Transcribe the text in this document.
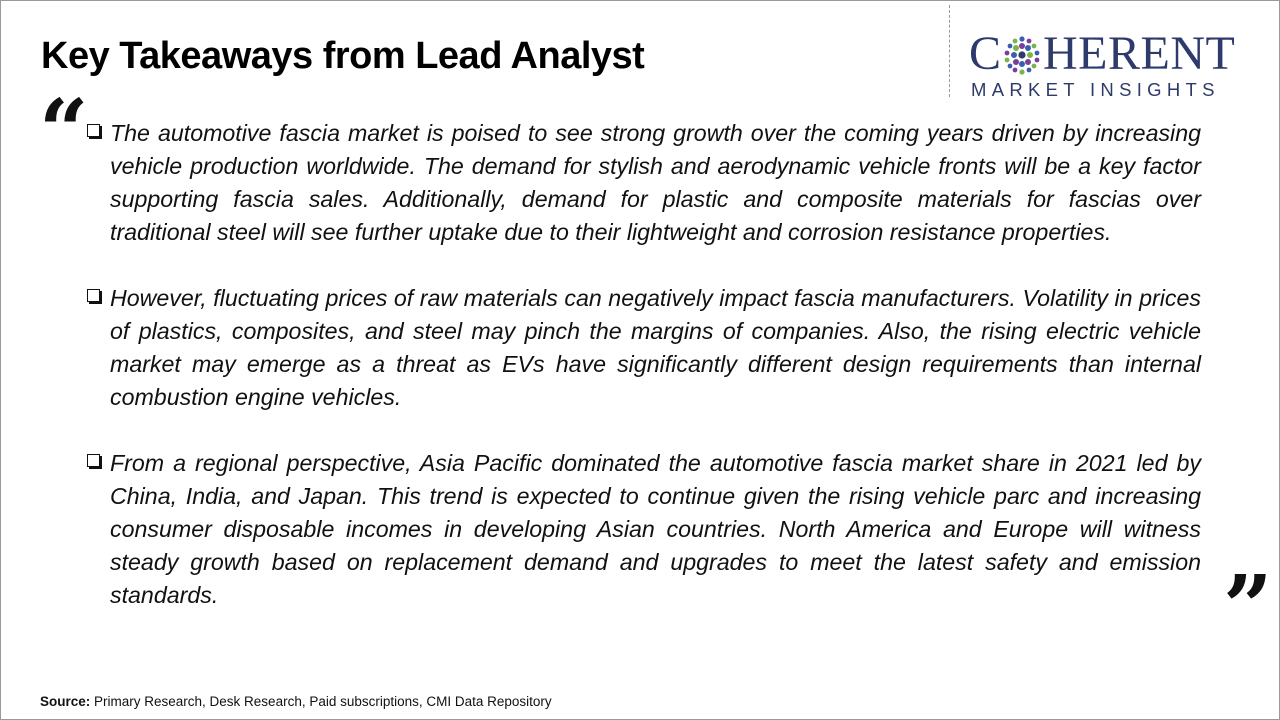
Key Takeaways from Lead Analyst	C HERENT
MARKET INSIGHTS
“ The automotive fascia market is poised to see strong growth over the coming years driven by increasing vehicle production worldwide. The demand for stylish and aerodynamic vehicle fronts will be a key factor supporting fascia sales. Additionally, demand for plastic and composite materials for fascias over traditional steel will see further uptake due to their lightweight and corrosion resistance properties.
However, fluctuating prices of raw materials can negatively impact fascia manufacturers. Volatility in prices of plastics, composites, and steel may pinch the margins of companies. Also, the rising electric vehicle market may emerge as a threat as EVs have significantly different design requirements than internal combustion engine vehicles.
From a regional perspective, Asia Pacific dominated the automotive fascia market share in 2021 led by China, India, and Japan. This trend is expected to continue given the rising vehicle parc and increasing consumer disposable incomes in developing Asian countries. North America and Europe will witness steady growth based on replacement demand and upgrades to meet the latest safety and emission standards.	”
Source: Primary Research, Desk Research, Paid subscriptions, CMI Data Repository
